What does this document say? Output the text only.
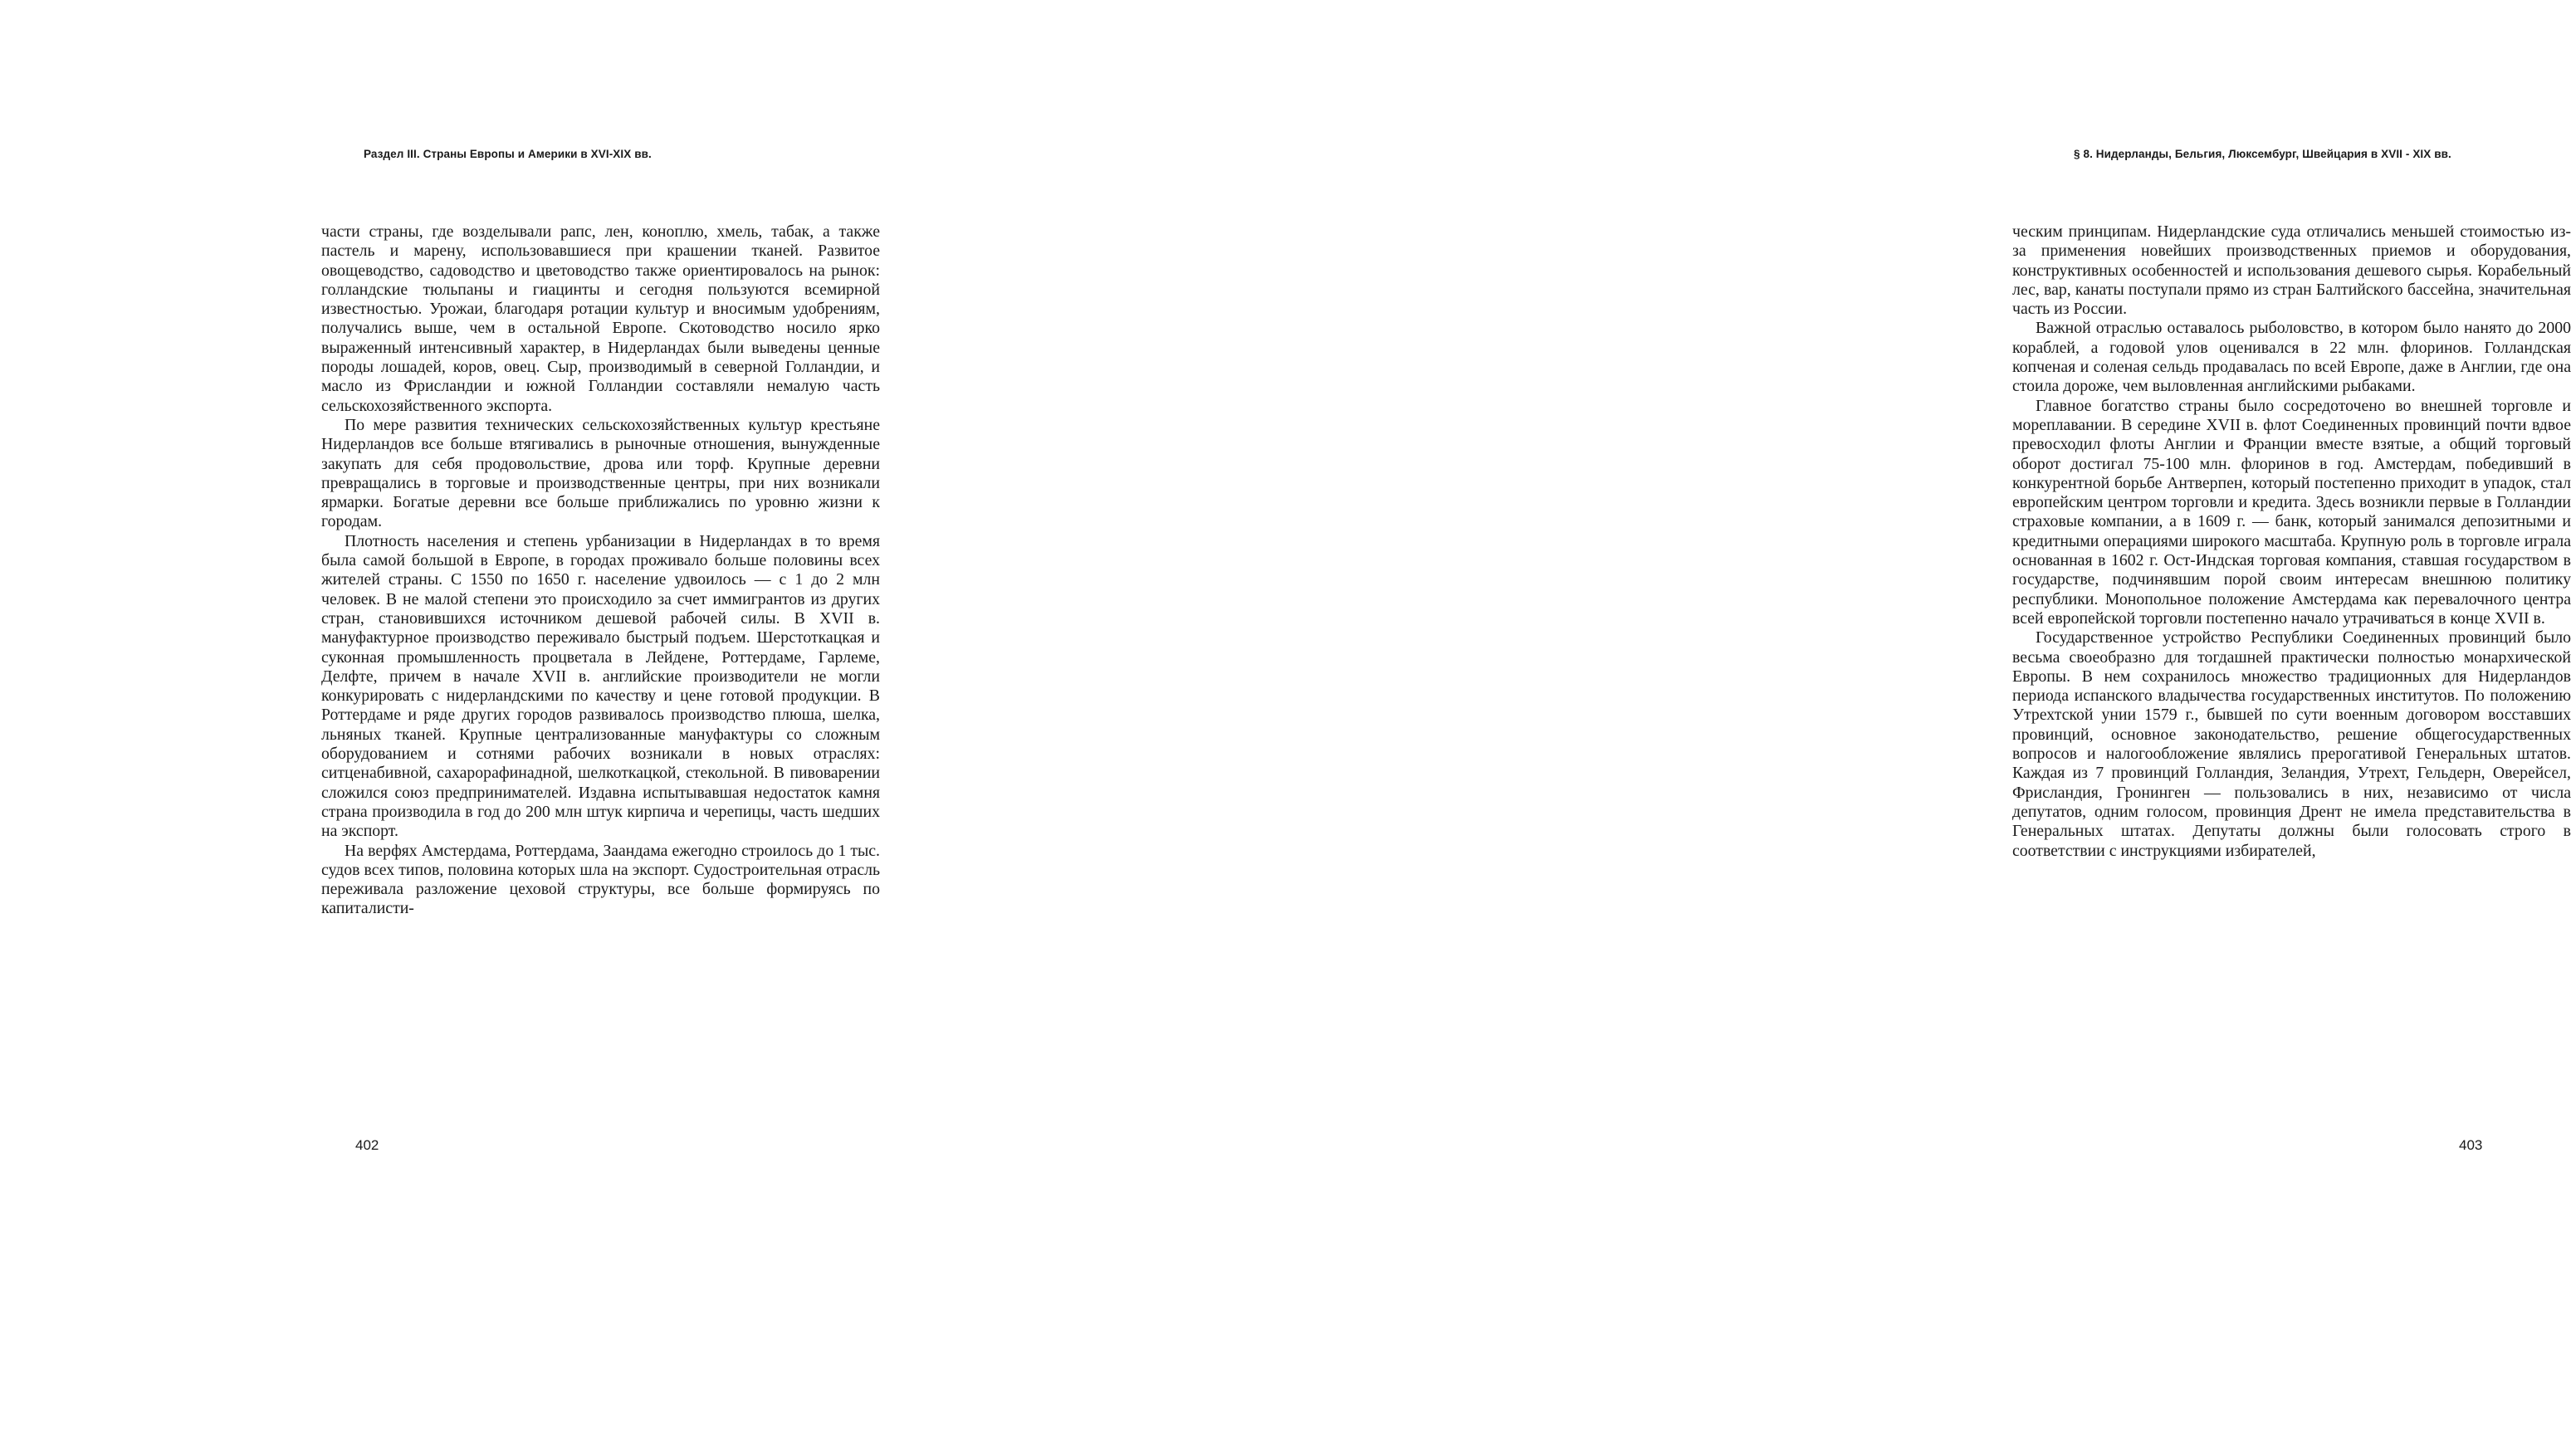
Раздел III. Страны Европы и Америки в XVI-XIX вв.

части страны, где возделывали рапс, лен, коноплю, хмель, табак, а также пастель и марену, использовавшиеся при крашении тканей. Развитое овощеводство, садоводство и цветоводство также ориентировалось на рынок: голландские тюльпаны и гиацинты и сегодня пользуются всемирной известностью. Урожаи, благодаря ротации культур и вносимым удобрениям, получались выше, чем в остальной Европе. Скотоводство носило ярко выраженный интенсивный характер, в Нидерландах были выведены ценные породы лошадей, коров, овец. Сыр, производимый в северной Голландии, и масло из Фрисландии и южной Голландии составляли немалую часть сельскохозяйственного экспорта.

По мере развития технических сельскохозяйственных культур крестьяне Нидерландов все больше втягивались в рыночные отношения, вынужденные закупать для себя продовольствие, дрова или торф. Крупные деревни превращались в торговые и производственные центры, при них возникали ярмарки. Богатые деревни все больше приближались по уровню жизни к городам.

Плотность населения и степень урбанизации в Нидерландах в то время была самой большой в Европе, в городах проживало больше половины всех жителей страны. С 1550 по 1650 г. население удвоилось — с 1 до 2 млн человек. В не малой степени это происходило за счет иммигрантов из других стран, становившихся источником дешевой рабочей силы. В XVII в. мануфактурное производство переживало быстрый подъем. Шерстоткацкая и суконная промышленность процветала в Лейдене, Роттердаме, Гарлеме, Делфте, причем в начале XVII в. английские производители не могли конкурировать с нидерландскими по качеству и цене готовой продукции. В Роттердаме и ряде других городов развивалось производство плюша, шелка, льняных тканей. Крупные централизованные мануфактуры со сложным оборудованием и сотнями рабочих возникали в новых отраслях: ситценабивной, сахарорафинадной, шелкоткацкой, стекольной. В пивоварении сложился союз предпринимателей. Издавна испытывавшая недостаток камня страна производила в год до 200 млн штук кирпича и черепицы, часть шедших на экспорт.

На верфях Амстердама, Роттердама, Заандама ежегодно строилось до 1 тыс. судов всех типов, половина которых шла на экспорт. Судостроительная отрасль переживала разложение цеховой структуры, все больше формируясь по капиталисти-

402
§ 8. Нидерланды, Бельгия, Люксембург, Швейцария в XVII - XIX вв.

ческим принципам. Нидерландские суда отличались меньшей стоимостью из-за применения новейших производственных приемов и оборудования, конструктивных особенностей и использования дешевого сырья. Корабельный лес, вар, канаты поступали прямо из стран Балтийского бассейна, значительная часть из России.

Важной отраслью оставалось рыболовство, в котором было нанято до 2000 кораблей, а годовой улов оценивался в 22 млн. флоринов. Голландская копченая и соленая сельдь продавалась по всей Европе, даже в Англии, где она стоила дороже, чем выловленная английскими рыбаками.

Главное богатство страны было сосредоточено во внешней торговле и мореплавании. В середине XVII в. флот Соединенных провинций почти вдвое превосходил флоты Англии и Франции вместе взятые, а общий торговый оборот достигал 75-100 млн. флоринов в год. Амстердам, победивший в конкурентной борьбе Антверпен, который постепенно приходит в упадок, стал европейским центром торговли и кредита. Здесь возникли первые в Голландии страховые компании, а в 1609 г. — банк, который занимался депозитными и кредитными операциями широкого масштаба. Крупную роль в торговле играла основанная в 1602 г. Ост-Индская торговая компания, ставшая государством в государстве, подчинявшим порой своим интересам внешнюю политику республики. Монопольное положение Амстердама как перевалочного центра всей европейской торговли постепенно начало утрачиваться в конце XVII в.

Государственное устройство Республики Соединенных провинций было весьма своеобразно для тогдашней практически полностью монархической Европы. В нем сохранилось множество традиционных для Нидерландов периода испанского владычества государственных институтов. По положению Утрехтской унии 1579 г., бывшей по сути военным договором восставших провинций, основное законодательство, решение общегосударственных вопросов и налогообложение являлись прерогативой Генеральных штатов. Каждая из 7 провинций Голландия, Зеландия, Утрехт, Гельдерн, Оверейсел, Фрисландия, Гронинген — пользовались в них, независимо от числа депутатов, одним голосом, провинция Дрент не имела представительства в Генеральных штатах. Депутаты должны были голосовать строго в соответствии с инструкциями избирателей,

403
